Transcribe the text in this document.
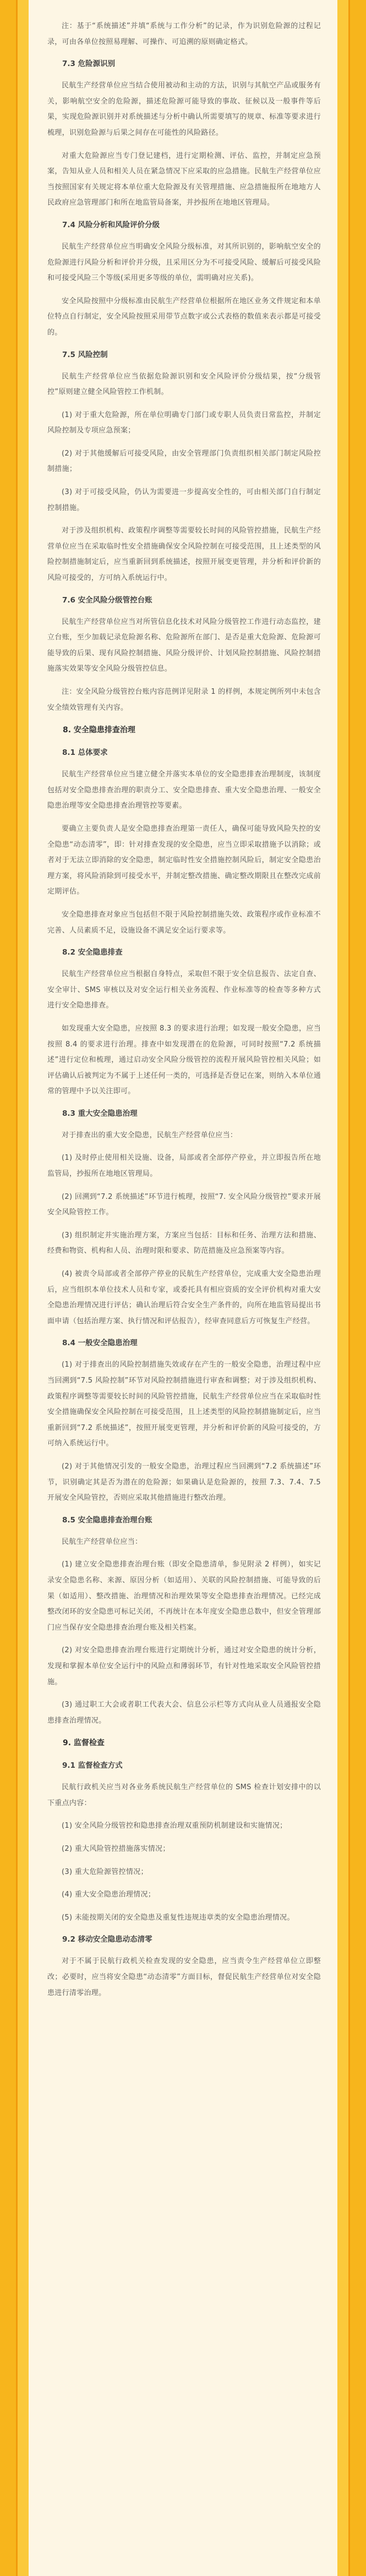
注：基于“系统描述”并填“系统与工作分析”的记录，作为识别危险源的过程记录，可由各单位按照易理解、可操作、可追溯的原则确定格式。
7.3 危险源识别
民航生产经营单位应当结合使用被动和主动的方法，识别与其航空产品或服务有关，影响航空安全的危险源，描述危险源可能导致的事故、征候以及一般事件等后果，实现危险源识别并对系统描述与分析中确认所需要填写的规章、标准等要求进行梳理，识别危险源与后果之间存在可能性的风险路径。
对重大危险源应当专门登记建档，进行定期检测、评估、监控，并制定应急预案，告知从业人员和相关人员在紧急情况下应采取的应急措施。民航生产经营单位应当按照国家有关规定将本单位重大危险源及有关管理措施、应急措施报所在地地方人民政府应急管理部门和所在地监管局备案，并抄报所在地地区管理局。
7.4 风险分析和风险评价分级
民航生产经营单位应当明确安全风险分级标准，对其所识别的，影响航空安全的危险源进行风险分析和评价并分级，且采用区分为不可接受风险、缓解后可接受风险和可接受风险三个等级(采用更多等级的单位，需明确对应关系)。
安全风险按照中分级标准由民航生产经营单位根据所在地区业务文件规定和本单位特点自行制定，安全风险按照采用带节点数字或公式表格的数值来表示都是可接受的。
7.5 风险控制
民航生产经营单位应当依据危险源识别和安全风险评价分级结果，按“分级管控”原则建立健全风险管控工作机制。
(1) 对于重大危险源，所在单位明确专门部门或专职人员负责日常监控，并制定风险控制及专项应急预案；
(2) 对于其他缓解后可接受风险，由安全管理部门负责组织相关部门制定风险控制措施；
(3) 对于可接受风险，仍认为需要进一步提高安全性的，可由相关部门自行制定控制措施。
对于涉及组织机构、政策程序调整等需要较长时间的风险管控措施，民航生产经营单位应当在采取临时性安全措施确保安全风险控制在可接受范围，且上述类型的风险控制措施制定后，应当重新回到系统描述，按照开展变更管理，并分析和评价新的风险可接受的，方可纳入系统运行中。
7.6 安全风险分级管控台账
民航生产经营单位应当对所管信息化技术对风险分级管控工作进行动态监控，建立台账，至少加载记录危险源名称、危险源所在部门、是否是重大危险源、危险源可能导致的后果、现有风险控制措施、风险分级评价、计划风险控制措施、风险控制措施落实效果等安全风险分级管控信息。
注：安全风险分级管控台账内容范例详见附录 1 的样例，本规定例所列中未包含安全绩效管理有关内容。
8. 安全隐患排查治理
8.1 总体要求
民航生产经营单位应当建立健全并落实本单位的安全隐患排查治理制度，该制度包括对安全隐患排查治理的职责分工、安全隐患排查、重大安全隐患治理、一般安全隐患治理等安全隐患排查治理管控等要素。
要确立主要负责人是安全隐患排查治理第一责任人，确保可能导致风险失控的安全隐患“动态清零”，即：针对排查发现的安全隐患，应当立即采取措施予以消除；或者对于无法立即消除的安全隐患，制定临时性安全措施控制风险后，制定安全隐患治理方案，将风险消除到可接受水平，并制定整改措施、确定整改期限且在整改完成前定期评估。
安全隐患排查对象应当包括但不限于风险控制措施失效、政策程序或作业标准不完善、人员素质不足，设施设备不满足安全运行要求等。
8.2 安全隐患排查
民航生产经营单位应当根据自身特点，采取但不限于安全信息报告、法定自查、安全审计、SMS 审核以及对安全运行相关业务流程、作业标准等的检查等多种方式进行安全隐患排查。
如发现重大安全隐患，应按照 8.3 的要求进行治理；如发现一般安全隐患，应当按照 8.4 的要求进行治理。排查中如发现潜在的危险源，可同时按照“7.2 系统描述”进行定位和梳理，通过启动安全风险分级管控的流程开展风险管控相关风险；如评估确认后被判定为不属于上述任何一类的，可选择是否登记在案，则纳入本单位通常的管理中予以关注即可。
8.3 重大安全隐患治理
对于排查出的重大安全隐患，民航生产经营单位应当：
(1) 及时停止使用相关设施、设备，局部或者全部停产停业，并立即报告所在地监管局，抄报所在地地区管理局。
(2) 回溯到“7.2 系统描述”环节进行梳理，按照“7. 安全风险分级管控”要求开展安全风险管控工作。
(3) 组织制定并实施治理方案，方案应当包括：目标和任务、治理方法和措施、经费和物资、机构和人员、治理时限和要求、防范措施及应急预案等内容。
(4) 被责令局部或者全部停产停业的民航生产经营单位，完成重大安全隐患治理后，应当组织本单位技术人员和专家，或委托具有相应资质的安全评价机构对重大安全隐患治理情况进行评估；确认治理后符合安全生产条件的，向所在地监管局提出书面申请（包括治理方案、执行情况和评估报告），经审查同意后方可恢复生产经营。
8.4 一般安全隐患治理
(1) 对于排查出的风险控制措施失效或存在产生的一般安全隐患，治理过程中应当回溯到“7.5 风险控制”环节对风险控制措施进行审查和调整；对于涉及组织机构、政策程序调整等需要较长时间的风险管控措施，民航生产经营单位应当在采取临时性安全措施确保安全风险控制在可接受范围，且上述类型的风险控制措施制定后，应当重新回到“7.2 系统描述”，按照开展变更管理，并分析和评价新的风险可接受的，方可纳入系统运行中。
(2) 对于其他情况引发的一般安全隐患，治理过程应当回溯到“7.2 系统描述”环节，识别确定其是否为潜在的危险源；如果确认是危险源的，按照 7.3、7.4、7.5 开展安全风险管控，否则应采取其他措施进行整改治理。
8.5 安全隐患排查治理台账
民航生产经营单位应当：
(1) 建立安全隐患排查治理台账（即安全隐患清单，参见附录 2 样例），如实记录安全隐患名称、来源、原因分析（如适用）、关联的风险控制措施、可能导致的后果（如适用）、整改措施、治理情况和治理效果等安全隐患排查治理情况。已经完成整改闭环的安全隐患可标记关闭，不再统计在本年度安全隐患总数中，但安全管理部门应当保存安全隐患排查治理台账及相关档案。
(2) 对安全隐患排查治理台账进行定期统计分析，通过对安全隐患的统计分析，发现和掌握本单位安全运行中的风险点和薄弱环节，有针对性地采取安全风险管控措施。
(3) 通过职工大会或者职工代表大会、信息公示栏等方式向从业人员通报安全隐患排查治理情况。
9. 监督检查
9.1 监督检查方式
民航行政机关应当对各业务系统民航生产经营单位的 SMS 检查计划安排中的以下重点内容：
(1) 安全风险分级管控和隐患排查治理双重预防机制建设和实施情况；
(2) 重大风险管控措施落实情况；
(3) 重大危险源管控情况；
(4) 重大安全隐患治理情况；
(5) 未能按期关闭的安全隐患及重复性违规违章类的安全隐患治理情况。
9.2 移动安全隐患动态清零
对于不属于民航行政机关检查发现的安全隐患，应当责令生产经营单位立即整改；必要时，应当将安全隐患“动态清零”方面目标，督促民航生产经营单位对安全隐患进行清零治理。
